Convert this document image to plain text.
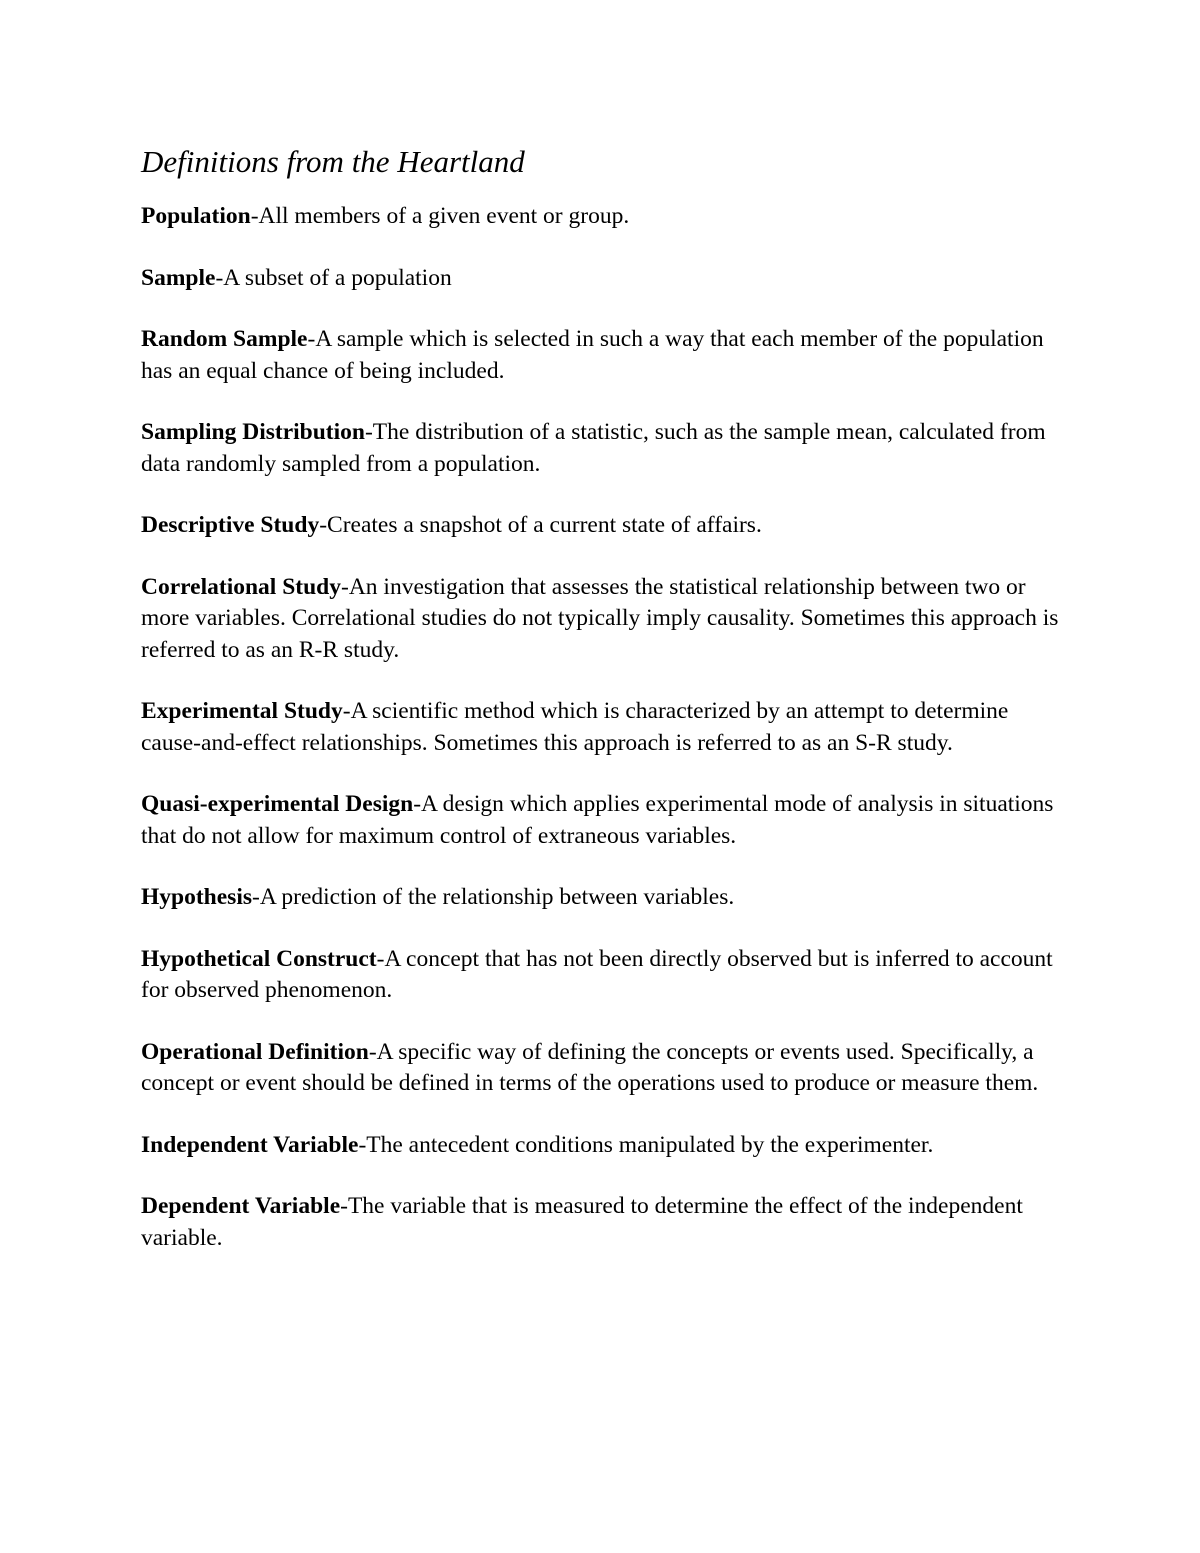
Definitions from the Heartland

Population-All members of a given event or group.

Sample-A subset of a population

Random Sample-A sample which is selected in such a way that each member of the population has an equal chance of being included.

Sampling Distribution-The distribution of a statistic, such as the sample mean, calculated from data randomly sampled from a population.

Descriptive Study-Creates a snapshot of a current state of affairs.

Correlational Study-An investigation that assesses the statistical relationship between two or more variables. Correlational studies do not typically imply causality. Sometimes this approach is referred to as an R-R study.

Experimental Study-A scientific method which is characterized by an attempt to determine cause-and-effect relationships. Sometimes this approach is referred to as an S-R study.

Quasi-experimental Design-A design which applies experimental mode of analysis in situations that do not allow for maximum control of extraneous variables.

Hypothesis-A prediction of the relationship between variables.

Hypothetical Construct-A concept that has not been directly observed but is inferred to account for observed phenomenon.

Operational Definition-A specific way of defining the concepts or events used. Specifically, a concept or event should be defined in terms of the operations used to produce or measure them.

Independent Variable-The antecedent conditions manipulated by the experimenter.

Dependent Variable-The variable that is measured to determine the effect of the independent variable.
